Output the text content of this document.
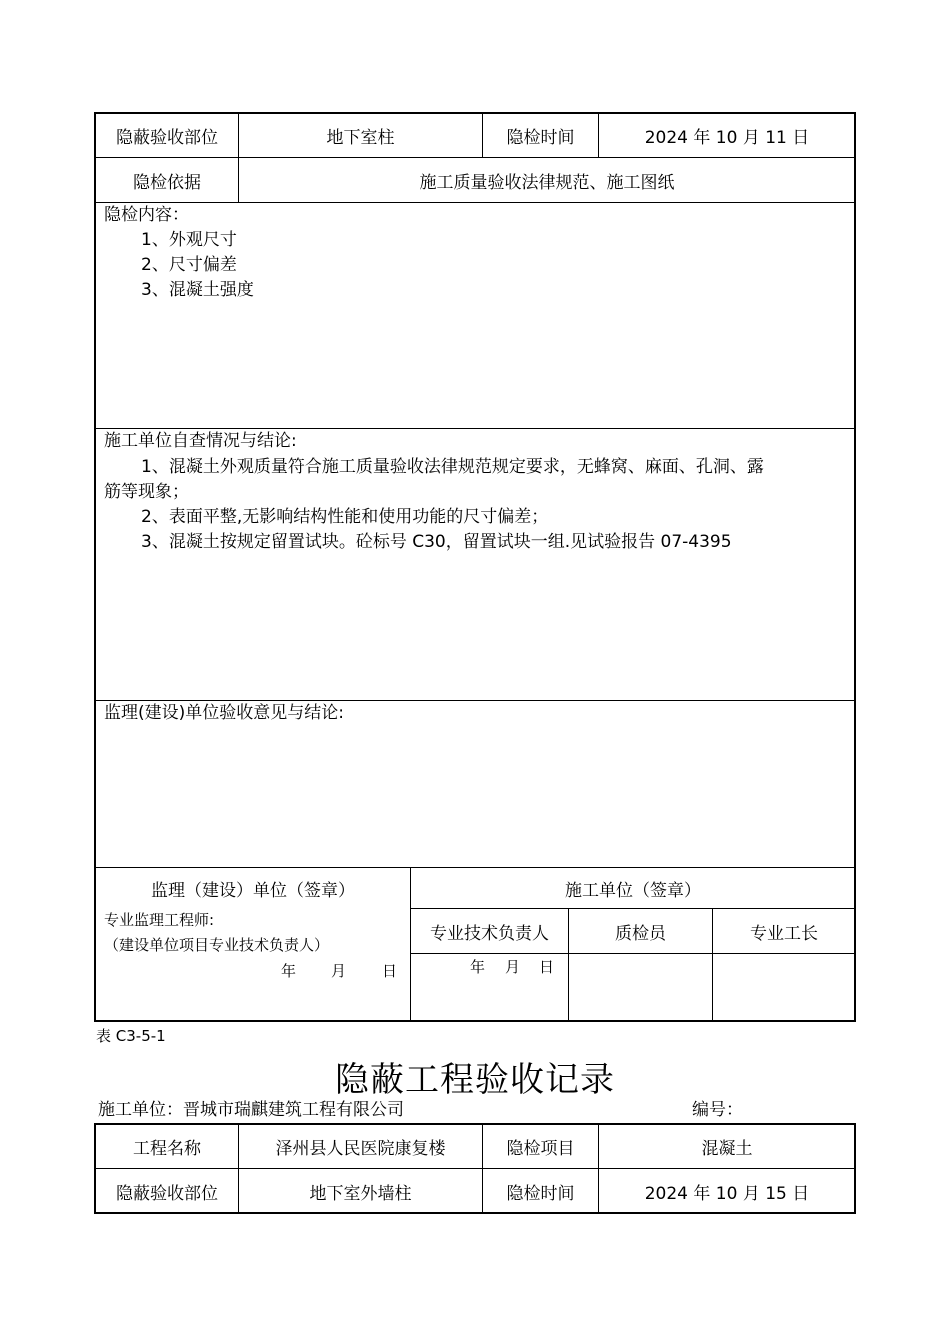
隐蔽验收部位	地下室柱	隐检时间	2024 年 10 月 11 日
隐检依据	施工质量验收法律规范、施工图纸
隐检内容：
1、外观尺寸
2、尺寸偏差
3、混凝土强度
施工单位自查情况与结论:
1、混凝土外观质量符合施工质量验收法律规范规定要求，无蜂窝、麻面、孔洞、露
筋等现象；
2、表面平整,无影响结构性能和使用功能的尺寸偏差；
3、混凝土按规定留置试块。砼标号 C30，留置试块一组.见试验报告 07-4395
监理(建设)单位验收意见与结论:
监理（建设）单位（签章）	施工单位（签章）
专业监理工程师:
（建设单位项目专业技术负责人）
年 月 日
专业技术负责人	质检员	专业工长
年 月 日
表 C3-5-1
隐蔽工程验收记录
施工单位：晋城市瑞麒建筑工程有限公司	编号：
工程名称	泽州县人民医院康复楼	隐检项目	混凝土
隐蔽验收部位	地下室外墙柱	隐检时间	2024 年 10 月 15 日
